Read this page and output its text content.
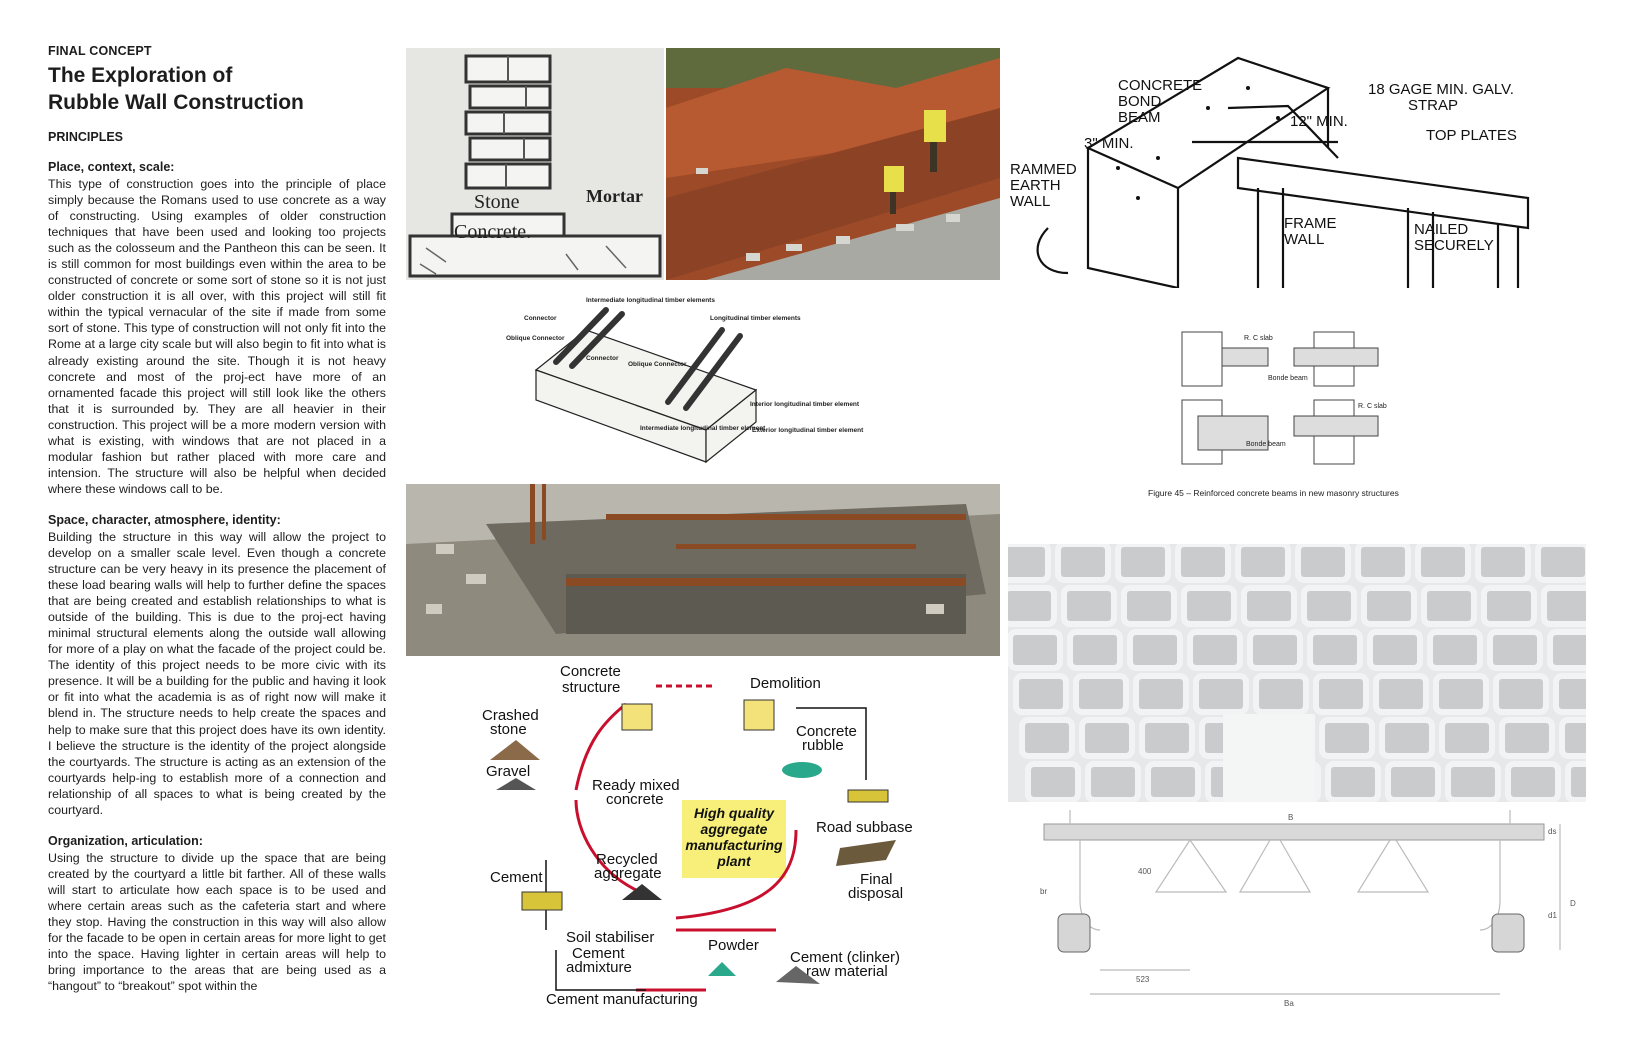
FINAL CONCEPT

The Exploration of
Rubble Wall Construction

PRINCIPLES

Place, context, scale:

This type of construction goes into the principle of place simply because the Romans used to use concrete as a way of constructing. Using examples of older construction techniques that have been used and looking too projects such as the colosseum and the Pantheon this can be seen. It is still common for most buildings even within the area to be constructed of concrete or some sort of stone so it is not just older construction it is all over, with this project will still fit within the typical vernacular of the site if made from some sort of stone. This type of construction will not only fit into the Rome at a large city scale but will also begin to fit into what is already existing around the site. Though it is not heavy concrete and most of the proj-ect have more of an ornamented facade this project will still look like the others that it is surrounded by. They are all heavier in their construction. This project will be a more modern version with what is existing, with windows that are not placed in a modular fashion but rather placed with more care and intension. The structure will also be helpful when decided where these windows call to be.

Space, character, atmosphere, identity:

Building the structure in this way will allow the project to develop on a smaller scale level. Even though a concrete structure can be very heavy in its presence the placement of these load bearing walls will help to further define the spaces that are being created and establish relationships to what is outside of the building. This is due to the proj-ect having minimal structural elements along the outside wall allowing for more of a play on what the facade of the project could be. The identity of this project needs to be more civic with its presence. It will be a building for the public and having it look or fit into what the academia is as of right now will make it blend in. The structure needs to help create the spaces and help to make sure that this project does have its own identity. I believe the structure is the identity of the project alongside the courtyards. The structure is acting as an extension of the courtyards help-ing to establish more of a connection and relationship of all spaces to what is being created by the courtyard.

Organization, articulation:

Using the structure to divide up the space that are being created by the courtyard a little bit farther. All of these walls will start to articulate how each space is to be used and where certain areas such as the cafeteria start and where they stop. Having the construction in this way will also allow for the facade to be open in certain areas for more light to get into the space. Having lighter in certain areas will help to bring importance to the areas that are being used as a “hangout” to “breakout” spot within the

Stone	Mortar
Concrete.
CONCRETE
BOND
BEAM
18 GAGE MIN. GALV.
STRAP
12" MIN.
3" MIN.	TOP PLATES
RAMMED
EARTH
WALL
FRAME
WALL
NAILED
SECURELY
Connector
Intermediate longitudinal timber elements
Longitudinal timber elements
Oblique Connector
Connector
Oblique Connector
Interior longitudinal timber element
Exterior longitudinal timber element
Intermediate longitudinal timber element
R. C slab
Bonde beam
R. C slab
Bonde beam
Figure 45 – Reinforced concrete beams in new masonry structures
Concrete
structure	Demolition
Crashed
stone
Gravel
Concrete
rubble
Ready mixed
concrete
Road subbase
Cement
Recycled
aggregate	Final
disposal
Soil stabiliser	Powder
Cement
admixture
Cement (clinker)
raw material
Cement manufacturing
High quality
aggregate
manufacturing
plant
B
ds
400
br
d1
D
523
Ba
